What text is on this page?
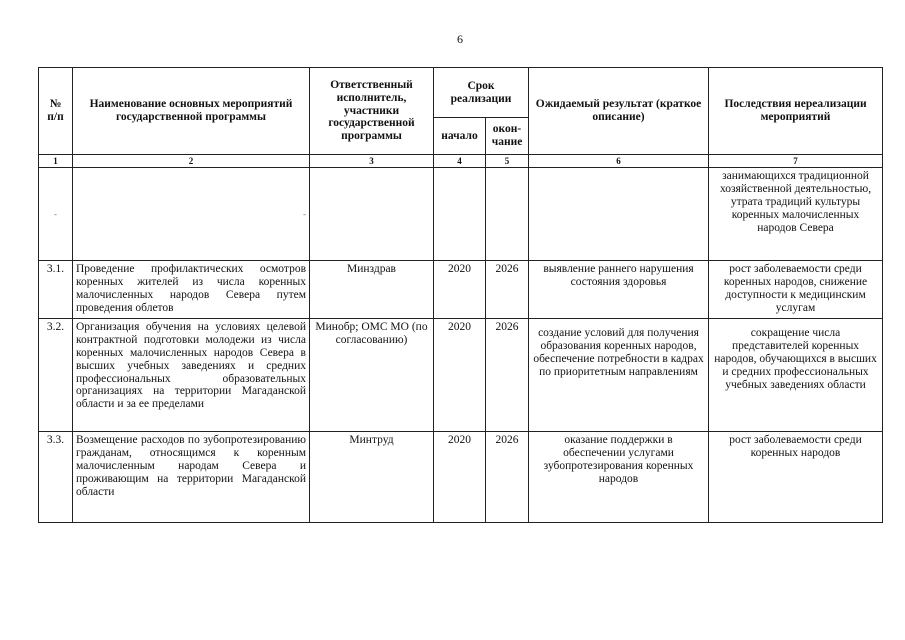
6
№
п/п	Наименование основных мероприятий государственной программы	Ответственный исполнитель, участники государственной программы	Срок реализации		Ожидаемый результат (краткое описание)	Последствия нереализации мероприятий
			начало	окон-
чание		
1	2	3	4	5	6	7
-	-					занимающихся традиционной хозяйственной деятельностью, утрата традиций культуры коренных малочисленных народов Севера
3.1.	Проведение профилактических осмотров коренных жителей из числа коренных малочисленных народов Севера путем проведения облетов	Минздрав	2020	2026	выявление раннего нарушения состояния здоровья	рост заболеваемости среди коренных народов, снижение доступности к медицинским услугам
3.2.	Организация обучения на условиях целевой контрактной подготовки молодежи из числа коренных малочисленных народов Севера в высших учебных заведениях и средних профессиональных образовательных организациях на территории Магаданской области и за ее пределами	Минобр; ОМС МО (по согласованию)	2020	2026	создание условий для получения образования коренных народов, обеспечение потребности в кадрах по приоритетным направлениям	сокращение числа представителей коренных народов, обучающихся в высших и средних профессиональных учебных заведениях области
3.3.	Возмещение расходов по зубопротезированию гражданам, относящимся к коренным малочисленным народам Севера и проживающим на территории Магаданской области	Минтруд	2020	2026	оказание поддержки в обеспечении услугами зубопротезирования коренных народов	рост заболеваемости среди коренных народов
